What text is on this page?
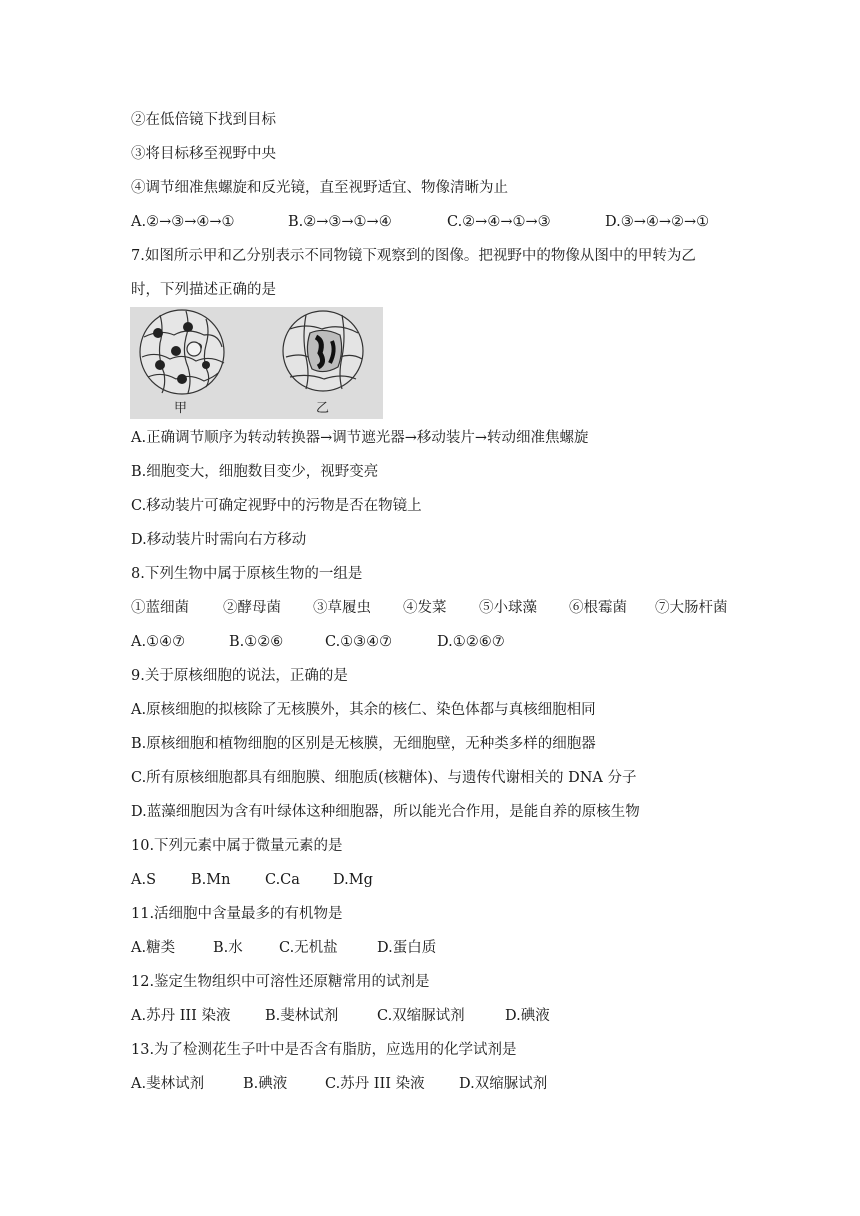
②在低倍镜下找到目标
③将目标移至视野中央
④调节细准焦螺旋和反光镜，直至视野适宜、物像清晰为止
A.②→③→④→①	B.②→③→①→④	C.②→④→①→③	D.③→④→②→①
7.如图所示甲和乙分别表示不同物镜下观察到的图像。把视野中的物像从图中的甲转为乙
时，下列描述正确的是
甲	乙
A.正确调节顺序为转动转换器→调节遮光器→移动装片→转动细准焦螺旋
B.细胞变大，细胞数目变少，视野变亮
C.移动装片可确定视野中的污物是否在物镜上
D.移动装片时需向右方移动
8.下列生物中属于原核生物的一组是
①蓝细菌 ②酵母菌 ③草履虫 ④发菜 ⑤小球藻 ⑥根霉菌 ⑦大肠杆菌
A.①④⑦	B.①②⑥	C.①③④⑦	D.①②⑥⑦
9.关于原核细胞的说法，正确的是
A.原核细胞的拟核除了无核膜外，其余的核仁、染色体都与真核细胞相同
B.原核细胞和植物细胞的区别是无核膜，无细胞壁，无种类多样的细胞器
C.所有原核细胞都具有细胞膜、细胞质(核糖体)、与遗传代谢相关的 DNA 分子
D.蓝藻细胞因为含有叶绿体这种细胞器，所以能光合作用，是能自养的原核生物
10.下列元素中属于微量元素的是
A.S B.Mn C.Ca D.Mg
11.活细胞中含量最多的有机物是
A.糖类	B.水 C.无机盐	D.蛋白质
12.鉴定生物组织中可溶性还原糖常用的试剂是
A.苏丹 III 染液 B.斐林试剂	C.双缩脲试剂	D.碘液
13.为了检测花生子叶中是否含有脂肪，应选用的化学试剂是
A.斐林试剂	B.碘液	C.苏丹 III 染液 D.双缩脲试剂
